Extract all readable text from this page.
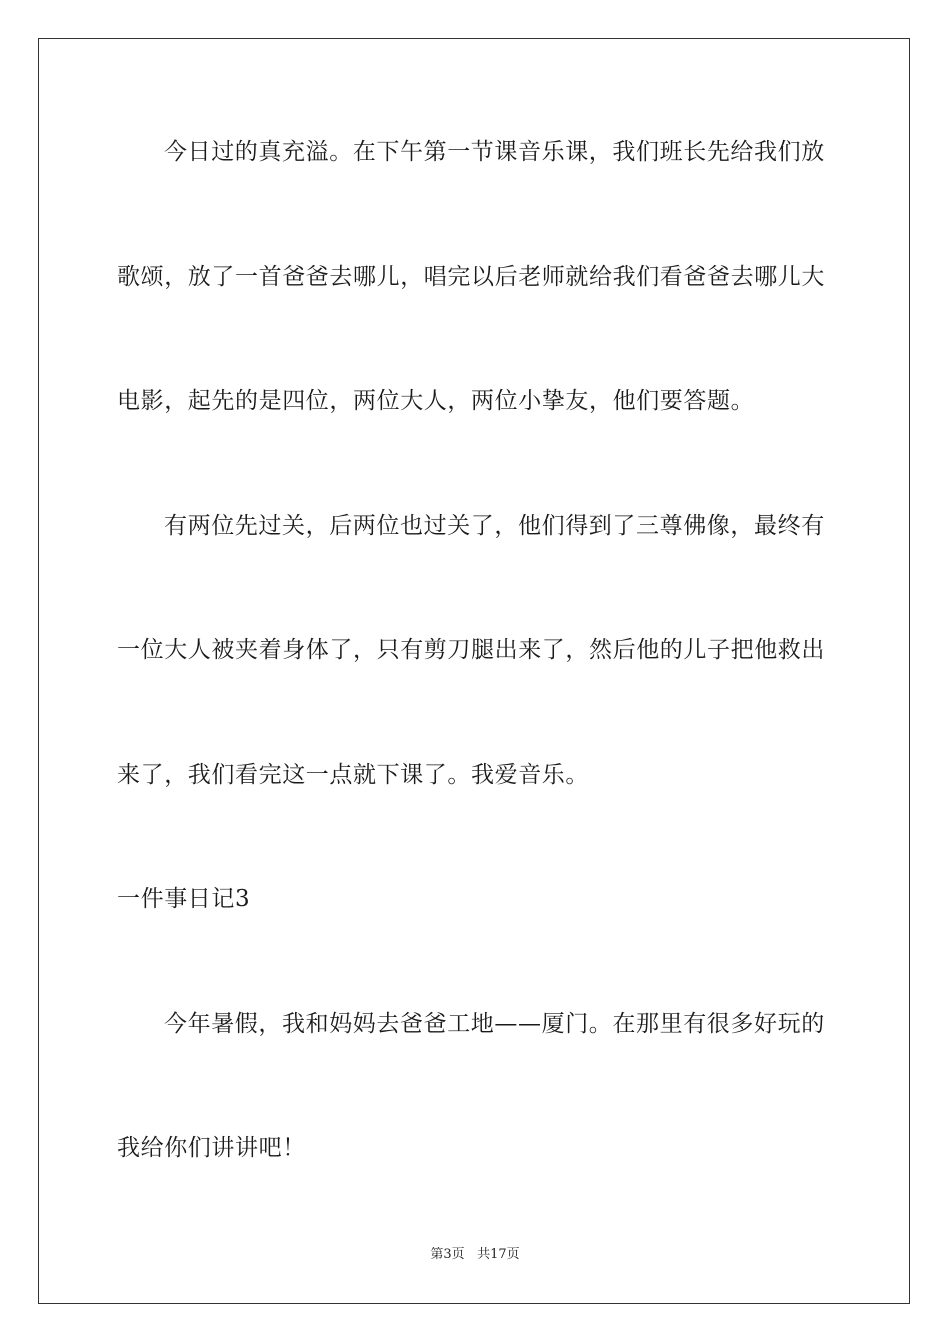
今日过的真充溢。在下午第一节课音乐课，我们班长先给我们放
歌颂，放了一首爸爸去哪儿，唱完以后老师就给我们看爸爸去哪儿大
电影，起先的是四位，两位大人，两位小挚友，他们要答题。
有两位先过关，后两位也过关了，他们得到了三尊佛像，最终有
一位大人被夹着身体了，只有剪刀腿出来了，然后他的儿子把他救出
来了，我们看完这一点就下课了。我爱音乐。
一件事日记3
今年暑假，我和妈妈去爸爸工地——厦门。在那里有很多好玩的
我给你们讲讲吧！
第3页 共17页
